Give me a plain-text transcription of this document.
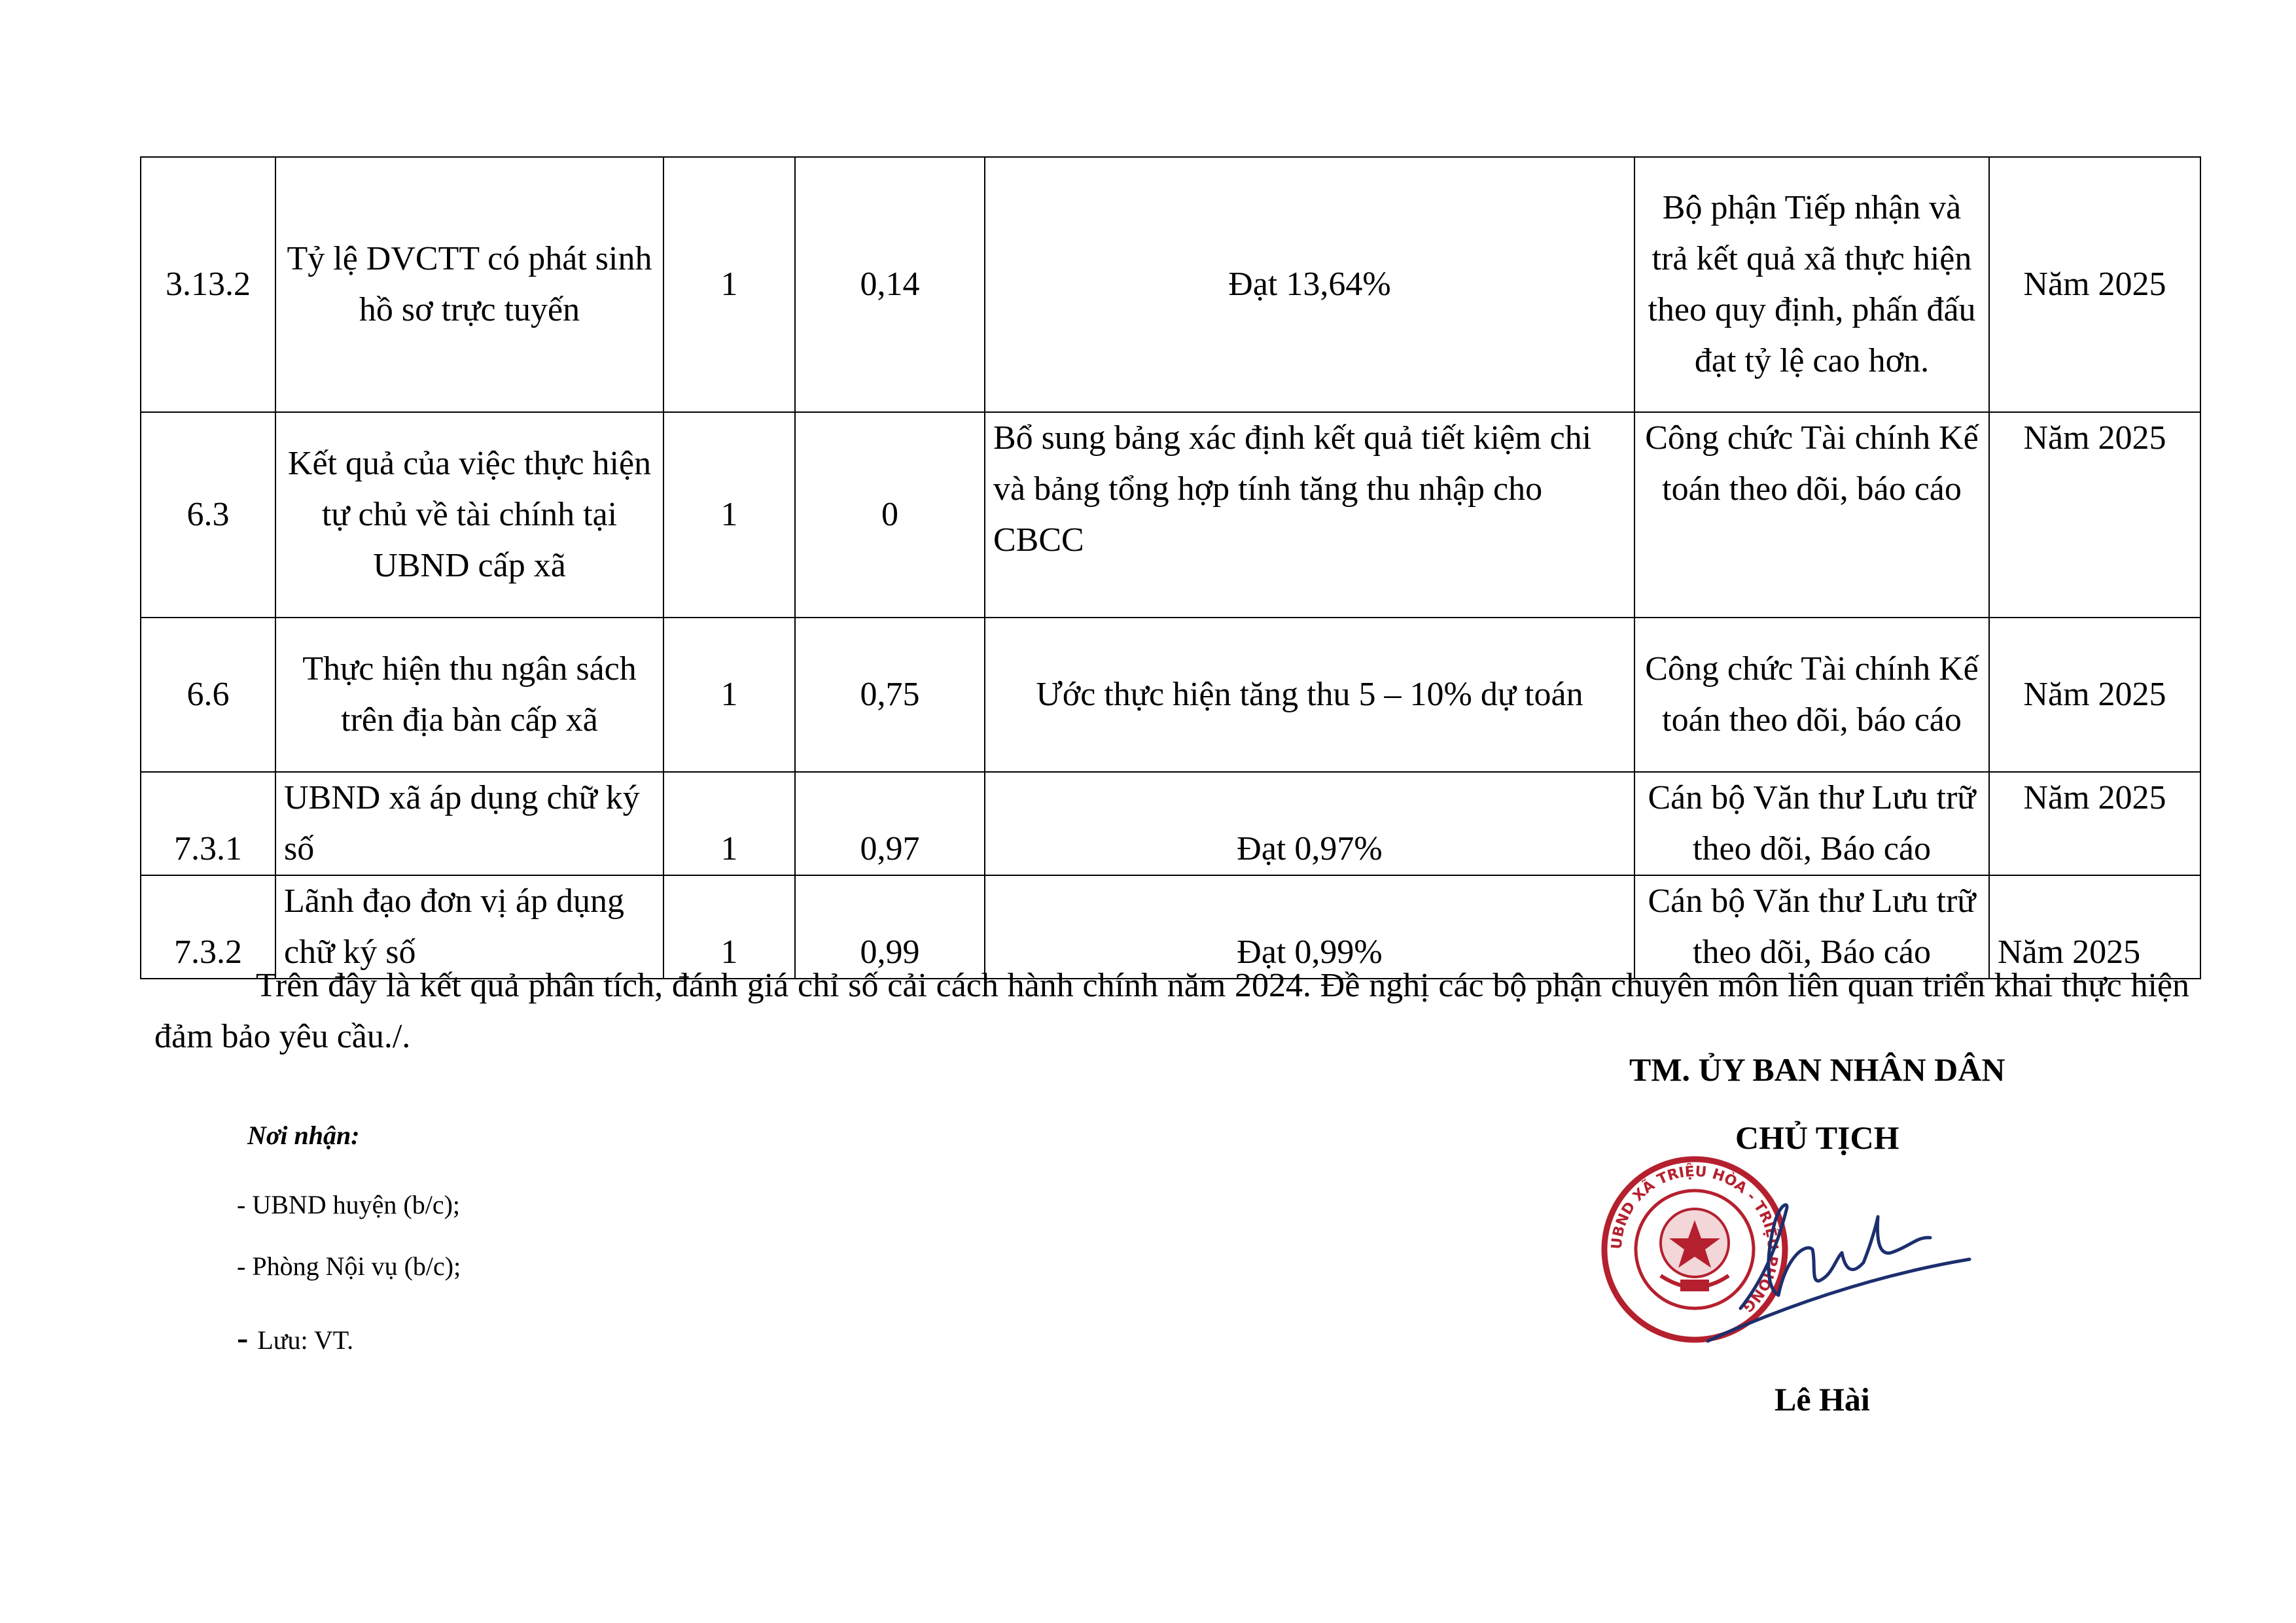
3.13.2	Tỷ lệ DVCTT có phát sinh hồ sơ trực tuyến	1	0,14	Đạt 13,64%	Bộ phận Tiếp nhận và trả kết quả xã thực hiện theo quy định, phấn đấu đạt tỷ lệ cao hơn.	Năm 2025
6.3	Kết quả của việc thực hiện tự chủ về tài chính tại UBND cấp xã	1	0	Bổ sung bảng xác định kết quả tiết kiệm chi và bảng tổng hợp tính tăng thu nhập cho CBCC	Công chức Tài chính Kế toán theo dõi, báo cáo	Năm 2025
6.6	Thực hiện thu ngân sách trên địa bàn cấp xã	1	0,75	Ước thực hiện tăng thu 5 – 10% dự toán	Công chức Tài chính Kế toán theo dõi, báo cáo	Năm 2025
7.3.1	UBND xã áp dụng chữ ký số	1	0,97	Đạt 0,97%	Cán bộ Văn thư Lưu trữ theo dõi, Báo cáo	Năm 2025
7.3.2	Lãnh đạo đơn vị áp dụng chữ ký số	1	0,99	Đạt 0,99%	Cán bộ Văn thư Lưu trữ theo dõi, Báo cáo	Năm 2025

Trên đây là kết quả phân tích, đánh giá chỉ số cải cách hành chính năm 2024. Đề nghị các bộ phận chuyên môn liên quan triển khai thực hiện đảm bảo yêu cầu./.

Nơi nhận:
- UBND huyện (b/c);
- Phòng Nội vụ (b/c);
- Lưu: VT.
TM. ỦY BAN NHÂN DÂN
CHỦ TỊCH
UBND XÃ TRIỆU HÒA - TRIỆU PHONG
Lê Hài
